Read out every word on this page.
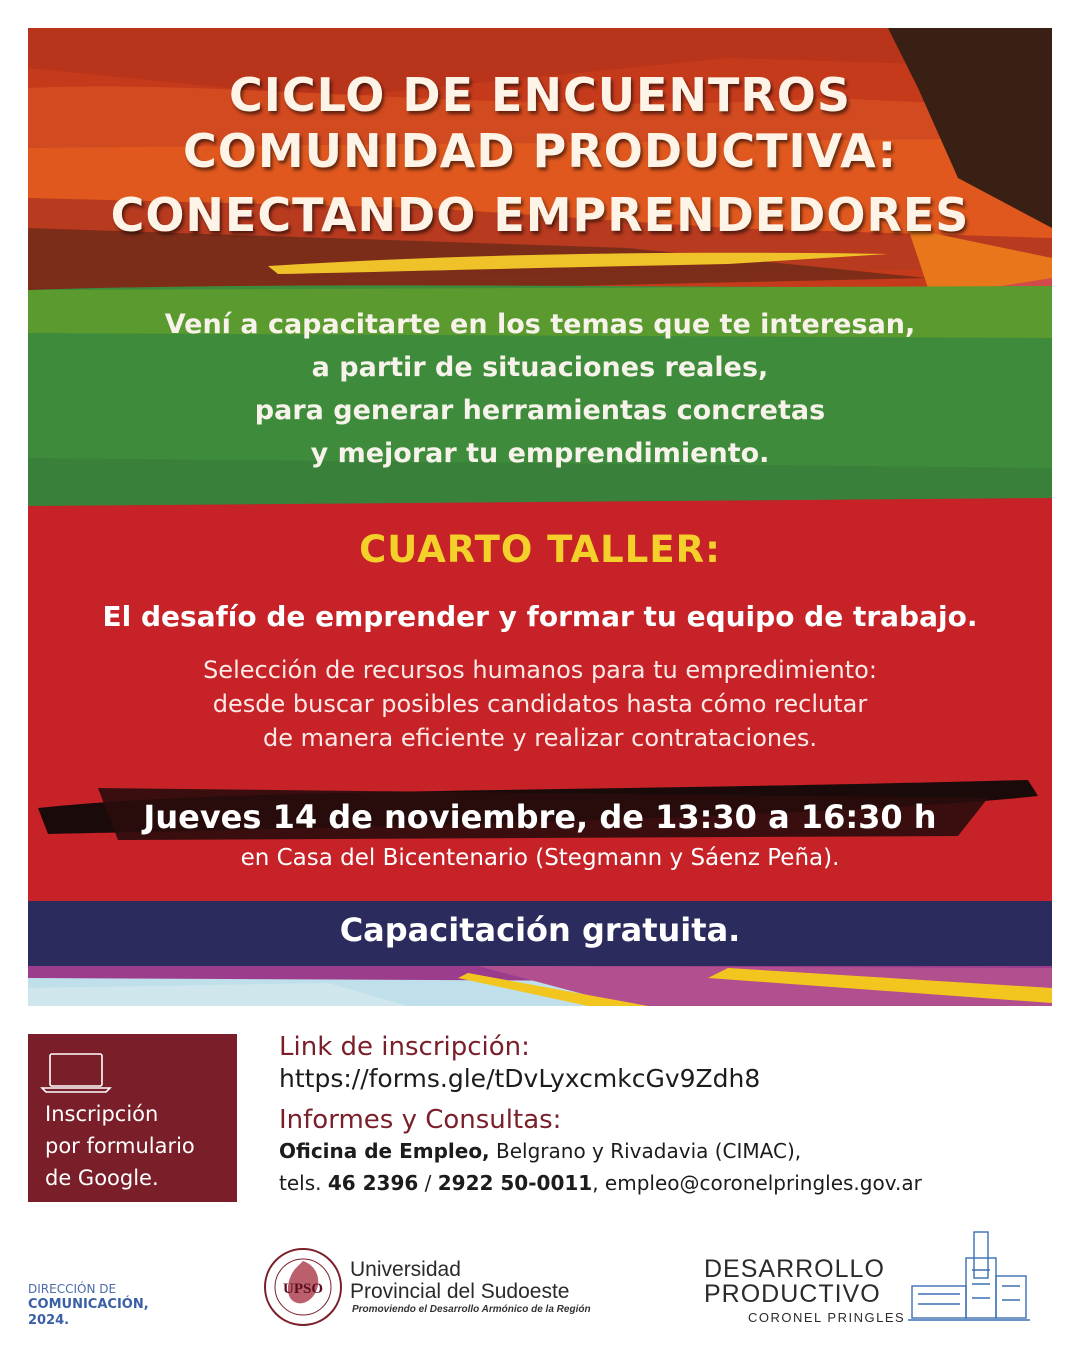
CICLO DE ENCUENTROS
COMUNIDAD PRODUCTIVA:
CONECTANDO EMPRENDEDORES
Vení a capacitarte en los temas que te interesan,
a partir de situaciones reales,
para generar herramientas concretas
y mejorar tu emprendimiento.
CUARTO TALLER:
El desafío de emprender y formar tu equipo de trabajo.
Selección de recursos humanos para tu empredimiento:
desde buscar posibles candidatos hasta cómo reclutar
de manera eficiente y realizar contrataciones.
Jueves 14 de noviembre, de 13:30 a 16:30 h
en Casa del Bicentenario (Stegmann y Sáenz Peña).
Capacitación gratuita.
Inscripción
por formulario
de Google.
Link de inscripción:
https://forms.gle/tDvLyxcmkcGv9Zdh8
Informes y Consultas:
Oficina de Empleo, Belgrano y Rivadavia (CIMAC),
tels. 46 2396 / 2922 50-0011, empleo@coronelpringles.gov.ar
DIRECCIÓN DE
COMUNICACIÓN,
2024.
UPSO
Universidad
Provincial del Sudoeste
Promoviendo el Desarrollo Armónico de la Región
DESARROLLO
PRODUCTIVO
CORONEL PRINGLES
